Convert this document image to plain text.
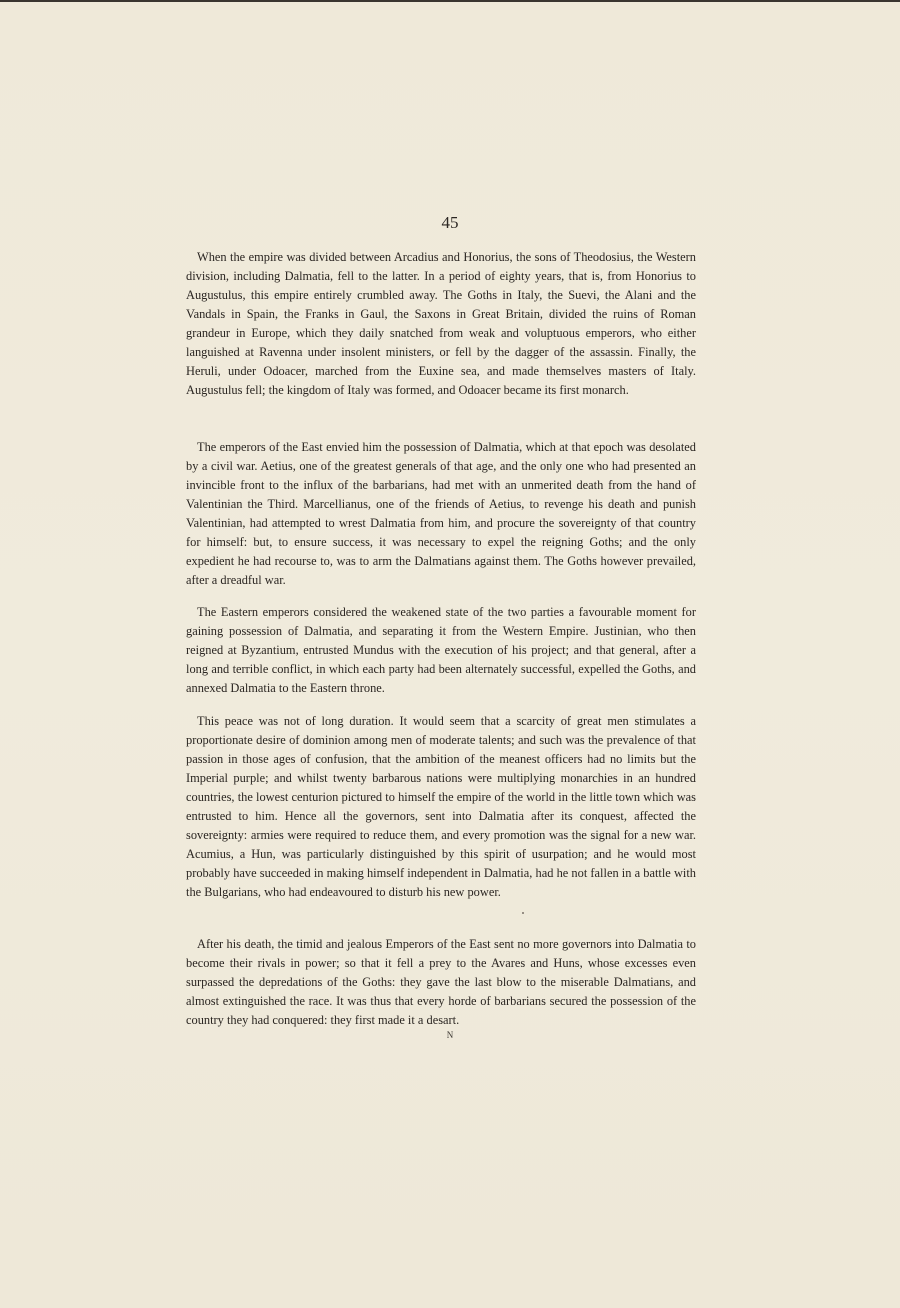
45

When the empire was divided between Arcadius and Honorius, the sons of Theodosius, the Western division, including Dalmatia, fell to the latter. In a period of eighty years, that is, from Honorius to Augustulus, this empire entirely crumbled away. The Goths in Italy, the Suevi, the Alani and the Vandals in Spain, the Franks in Gaul, the Saxons in Great Britain, divided the ruins of Roman grandeur in Europe, which they daily snatched from weak and voluptuous emperors, who either languished at Ravenna under insolent ministers, or fell by the dagger of the assassin. Finally, the Heruli, under Odoacer, marched from the Euxine sea, and made themselves masters of Italy. Augustulus fell; the kingdom of Italy was formed, and Odoacer became its first monarch.

The emperors of the East envied him the possession of Dalmatia, which at that epoch was desolated by a civil war. Aetius, one of the greatest generals of that age, and the only one who had presented an invincible front to the influx of the barbarians, had met with an unmerited death from the hand of Valentinian the Third. Marcellianus, one of the friends of Aetius, to revenge his death and punish Valentinian, had attempted to wrest Dalmatia from him, and procure the sovereignty of that country for himself: but, to ensure success, it was necessary to expel the reigning Goths; and the only expedient he had recourse to, was to arm the Dalmatians against them. The Goths however prevailed, after a dreadful war.

The Eastern emperors considered the weakened state of the two parties a favourable moment for gaining possession of Dalmatia, and separating it from the Western Empire. Justinian, who then reigned at Byzantium, entrusted Mundus with the execution of his project; and that general, after a long and terrible conflict, in which each party had been alternately successful, expelled the Goths, and annexed Dalmatia to the Eastern throne.

This peace was not of long duration. It would seem that a scarcity of great men stimulates a proportionate desire of dominion among men of moderate talents; and such was the prevalence of that passion in those ages of confusion, that the ambition of the meanest officers had no limits but the Imperial purple; and whilst twenty barbarous nations were multiplying monarchies in an hundred countries, the lowest centurion pictured to himself the empire of the world in the little town which was entrusted to him. Hence all the governors, sent into Dalmatia after its conquest, affected the sovereignty: armies were required to reduce them, and every promotion was the signal for a new war. Acumius, a Hun, was particularly distinguished by this spirit of usurpation; and he would most probably have succeeded in making himself independent in Dalmatia, had he not fallen in a battle with the Bulgarians, who had endeavoured to disturb his new power.

After his death, the timid and jealous Emperors of the East sent no more governors into Dalmatia to become their rivals in power; so that it fell a prey to the Avares and Huns, whose excesses even surpassed the depredations of the Goths: they gave the last blow to the miserable Dalmatians, and almost extinguished the race. It was thus that every horde of barbarians secured the possession of the country they had conquered: they first made it a desart.

N
